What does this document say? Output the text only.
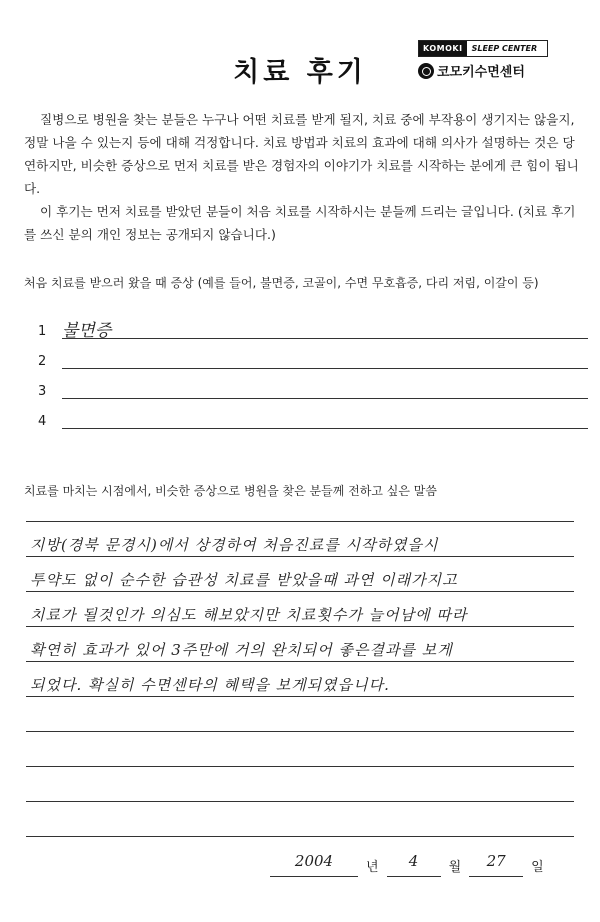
치료 후기
KOMOKI	SLEEP CENTER
코모키수면센터

질병으로 병원을 찾는 분들은 누구나 어떤 치료를 받게 될지, 치료 중에 부작용이 생기지는 않을지, 정말 나을 수 있는지 등에 대해 걱정합니다. 치료 방법과 치료의 효과에 대해 의사가 설명하는 것은 당연하지만, 비슷한 증상으로 먼저 치료를 받은 경험자의 이야기가 치료를 시작하는 분에게 큰 힘이 됩니다.

이 후기는 먼저 치료를 받았던 분들이 처음 치료를 시작하시는 분들께 드리는 글입니다. (치료 후기를 쓰신 분의 개인 정보는 공개되지 않습니다.)

처음 치료를 받으러 왔을 때 증상 (예를 들어, 불면증, 코골이, 수면 무호흡증, 다리 저림, 이갈이 등)
1 불면증
2
3
4
치료를 마치는 시점에서, 비슷한 증상으로 병원을 찾은 분들께 전하고 싶은 말씀
지방(경북 문경시)에서 상경하여 처음진료를 시작하였을시
투약도 없이 순수한 습관성 치료를 받았을때 과연 이래가지고
치료가 될것인가 의심도 해보았지만 치료횟수가 늘어남에 따라
확연히 효과가 있어 3주만에 거의 완치되어 좋은결과를 보게
되었다. 확실히 수면센타의 혜택을 보게되였읍니다.
2004	년	4	월	27	일
